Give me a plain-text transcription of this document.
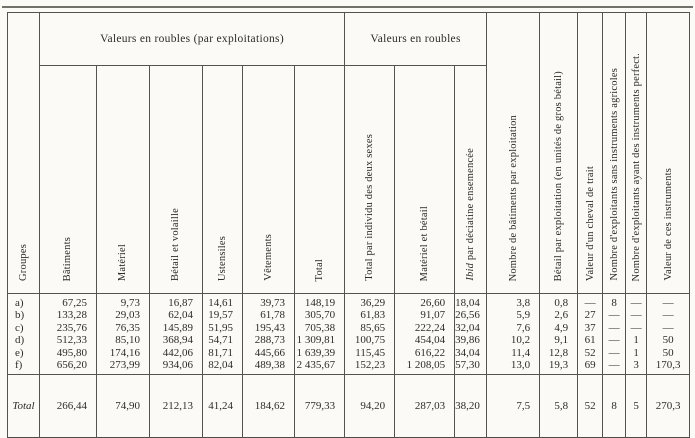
Groupes	Valeurs en roubles (par exploitations)						Valeurs en roubles			Nombre de bâtiments par exploitation	Bétail par exploitation (en unités de gros bétail)	Valeur d'un cheval de trait	Nombre d'exploitants sans instruments agricoles	Nombre d'exploitants ayant des instruments perfect.	Valeur de ces instruments
	Bâtiments	Matériel	Bétail et volaille	Ustensiles	Vêtements	Total	Total par individu des deux sexes	Matériel et bétail	Ibid par déciatine ensemencée						
a)	67,25	9,73	16,87	14,61	39,73	148,19	36,29	26,60	18,04	3,8	0,8	—	8	—	—
b)	133,28	29,03	62,04	19,57	61,78	305,70	61,83	91,07	26,56	5,9	2,6	27	—	—	—
c)	235,76	76,35	145,89	51,95	195,43	705,38	85,65	222,24	32,04	7,6	4,9	37	—	—	—
d)	512,33	85,10	368,94	54,71	288,73	1 309,81	100,75	454,04	39,86	10,2	9,1	61	—	1	50
e)	495,80	174,16	442,06	81,71	445,66	1 639,39	115,45	616,22	34,04	11,4	12,8	52	—	1	50
f)	656,20	273,99	934,06	82,04	489,38	2 435,67	152,23	1 208,05	57,30	13,0	19,3	69	—	3	170,3
Total	266,44	74,90	212,13	41,24	184,62	779,33	94,20	287,03	38,20	7,5	5,8	52	8	5	270,3
